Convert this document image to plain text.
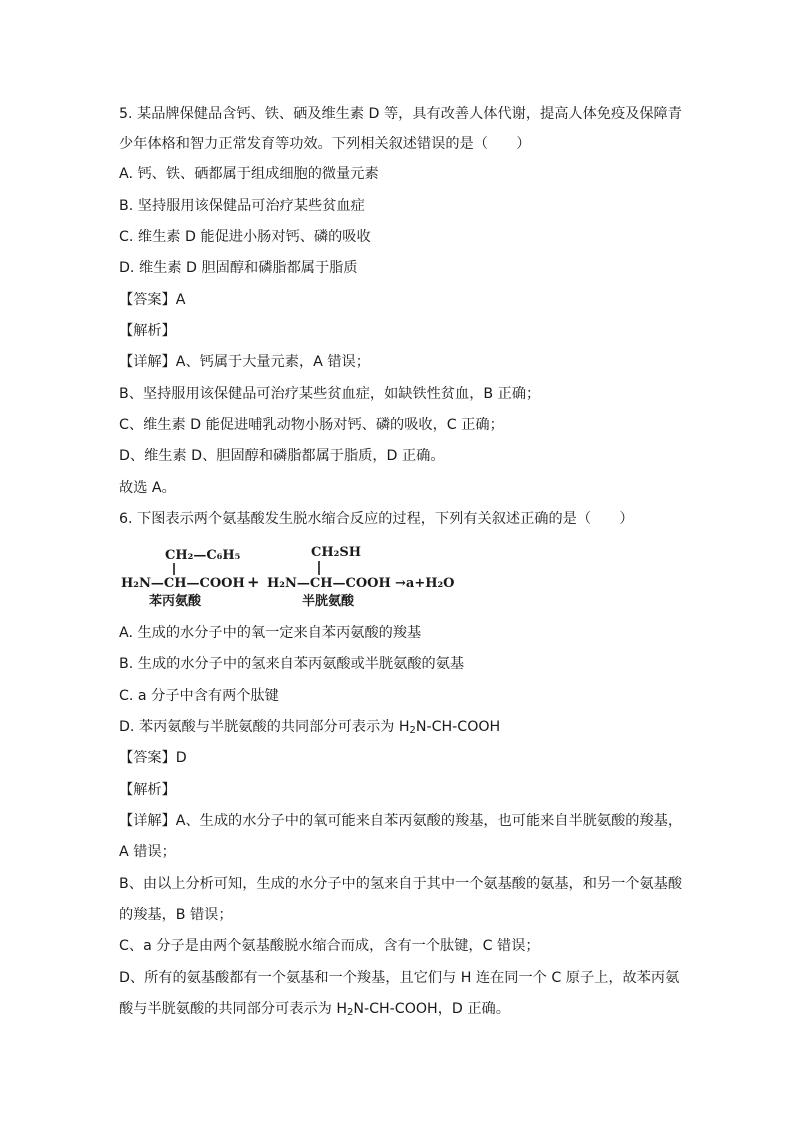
5. 某品牌保健品含钙、铁、硒及维生素 D 等，具有改善人体代谢，提高人体免疫及保障青
少年体格和智力正常发育等功效。下列相关叙述错误的是（　　）
A. 钙、铁、硒都属于组成细胞的微量元素
B. 坚持服用该保健品可治疗某些贫血症
C. 维生素 D 能促进小肠对钙、磷的吸收
D. 维生素 D 胆固醇和磷脂都属于脂质
【答案】A
【解析】
【详解】A、钙属于大量元素，A 错误；
B、坚持服用该保健品可治疗某些贫血症，如缺铁性贫血，B 正确；
C、维生素 D 能促进哺乳动物小肠对钙、磷的吸收，C 正确；
D、维生素 D、胆固醇和磷脂都属于脂质，D 正确。
故选 A。
6. 下图表示两个氨基酸发生脱水缩合反应的过程，下列有关叙述正确的是（　　）
CH₂—C₆H₅
H₂N—CH—COOH +
CH₂SH
H₂N—CH—COOH →a+H₂O
苯丙氨酸	半胱氨酸
A. 生成的水分子中的氧一定来自苯丙氨酸的羧基
B. 生成的水分子中的氢来自苯丙氨酸或半胱氨酸的氨基
C. a 分子中含有两个肽键
D. 苯丙氨酸与半胱氨酸的共同部分可表示为 $H_2N-CH$-COOH
【答案】D
【解析】
【详解】A、生成的水分子中的氧可能来自苯丙氨酸的羧基，也可能来自半胱氨酸的羧基，
A 错误；
B、由以上分析可知，生成的水分子中的氢来自于其中一个氨基酸的氨基，和另一个氨基酸
的羧基，B 错误；
C、a 分子是由两个氨基酸脱水缩合而成，含有一个肽键，C 错误；
D、所有的氨基酸都有一个氨基和一个羧基，且它们与 H 连在同一个 C 原子上，故苯丙氨
酸与半胱氨酸的共同部分可表示为 $H_2N-CH$-COOH，D 正确。
